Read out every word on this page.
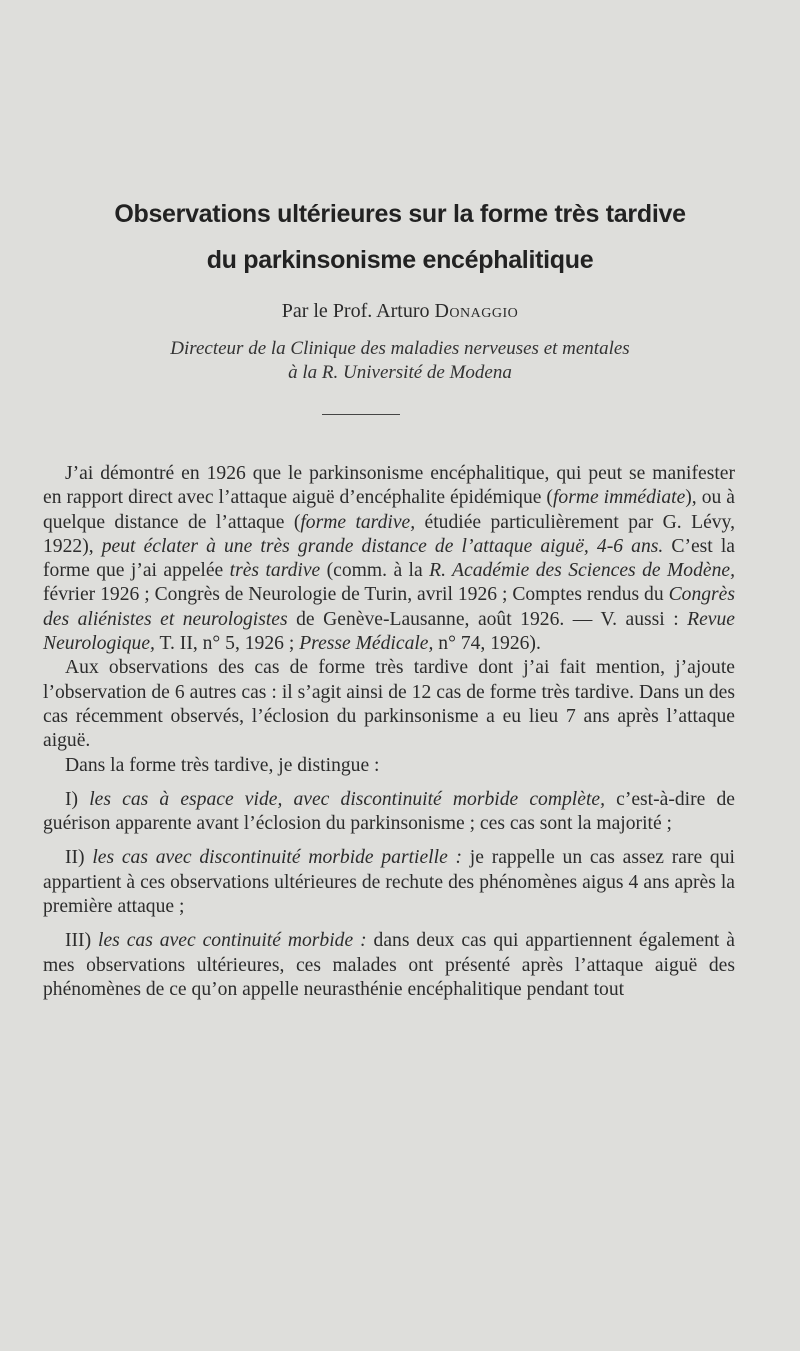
Observations ultérieures sur la forme très tardive
du parkinsonisme encéphalitique
Par le Prof. Arturo Donaggio
Directeur de la Clinique des maladies nerveuses et mentales
à la R. Université de Modena

J’ai démontré en 1926 que le parkinsonisme encéphalitique, qui peut se manifester en rapport direct avec l’attaque aiguë d’encéphalite épidémique (forme immédiate), ou à quelque distance de l’attaque (forme tardive, étudiée particulièrement par G. Lévy, 1922), peut éclater à une très grande distance de l’attaque aiguë, 4-6 ans. C’est la forme que j’ai appelée très tardive (comm. à la R. Académie des Sciences de Modène, février 1926 ; Congrès de Neurologie de Turin, avril 1926 ; Comptes rendus du Congrès des aliénistes et neurologistes de Genève-Lausanne, août 1926. — V. aussi : Revue Neurologique, T. II, n° 5, 1926 ; Presse Médicale, n° 74, 1926).

Aux observations des cas de forme très tardive dont j’ai fait mention, j’ajoute l’observation de 6 autres cas : il s’agit ainsi de 12 cas de forme très tardive. Dans un des cas récemment observés, l’éclosion du parkinsonisme a eu lieu 7 ans après l’attaque aiguë.

Dans la forme très tardive, je distingue :

I) les cas à espace vide, avec discontinuité morbide complète, c’est-à-dire de guérison apparente avant l’éclosion du parkinsonisme ; ces cas sont la majorité ;

II) les cas avec discontinuité morbide partielle : je rappelle un cas assez rare qui appartient à ces observations ultérieures de rechute des phénomènes aigus 4 ans après la première attaque ;

III) les cas avec continuité morbide : dans deux cas qui appartiennent également à mes observations ultérieures, ces malades ont présenté après l’attaque aiguë des phénomènes de ce qu’on appelle neurasthénie encéphalitique pendant tout
